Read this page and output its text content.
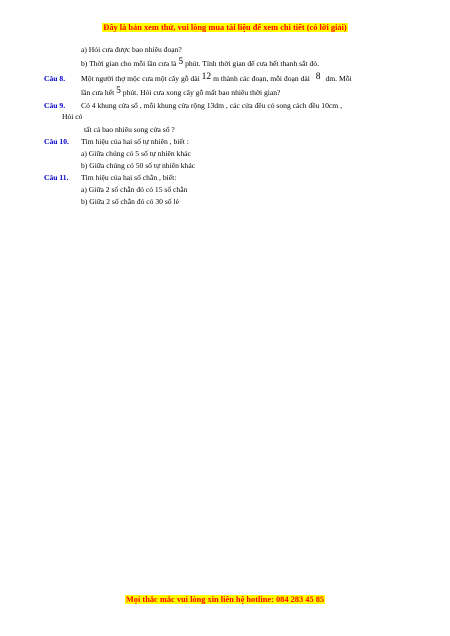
Đây là bản xem thử, vui lòng mua tài liệu để xem chi tiết (có lời giải)
a) Hỏi cưa được bao nhiêu đoạn?
b) Thời gian cho mỗi lần cưa là 5 phút. Tính thời gian để cưa hết thanh sắt đó.
Câu 8. Một người thợ mộc cưa một cây gỗ dài 12 m thành các đoạn, mỗi đoạn dài 8 dm. Mỗi
lần cưa hết 5 phút. Hỏi cưa xong cây gỗ mất bao nhiêu thời gian?
Câu 9. Có 4 khung cửa sổ , mỗi khung cửa rộng 13dm , các cửa đều có song cách đều 10cm ,
Hỏi có
tất cả bao nhiêu song cửa sổ ?
Câu 10. Tìm hiệu của hai số tự nhiên , biết :
a) Giữa chúng có 5 số tự nhiên khác
b) Giữa chúng có 50 số tự nhiên khác
Câu 11. Tìm hiệu của hai số chẵn , biết:
a) Giữa 2 số chẵn đó có 15 số chẵn
b) Giữa 2 số chẵn đó có 30 số lẻ
Mọi thắc mắc vui lòng xin liên hệ hotline: 084 283 45 85
